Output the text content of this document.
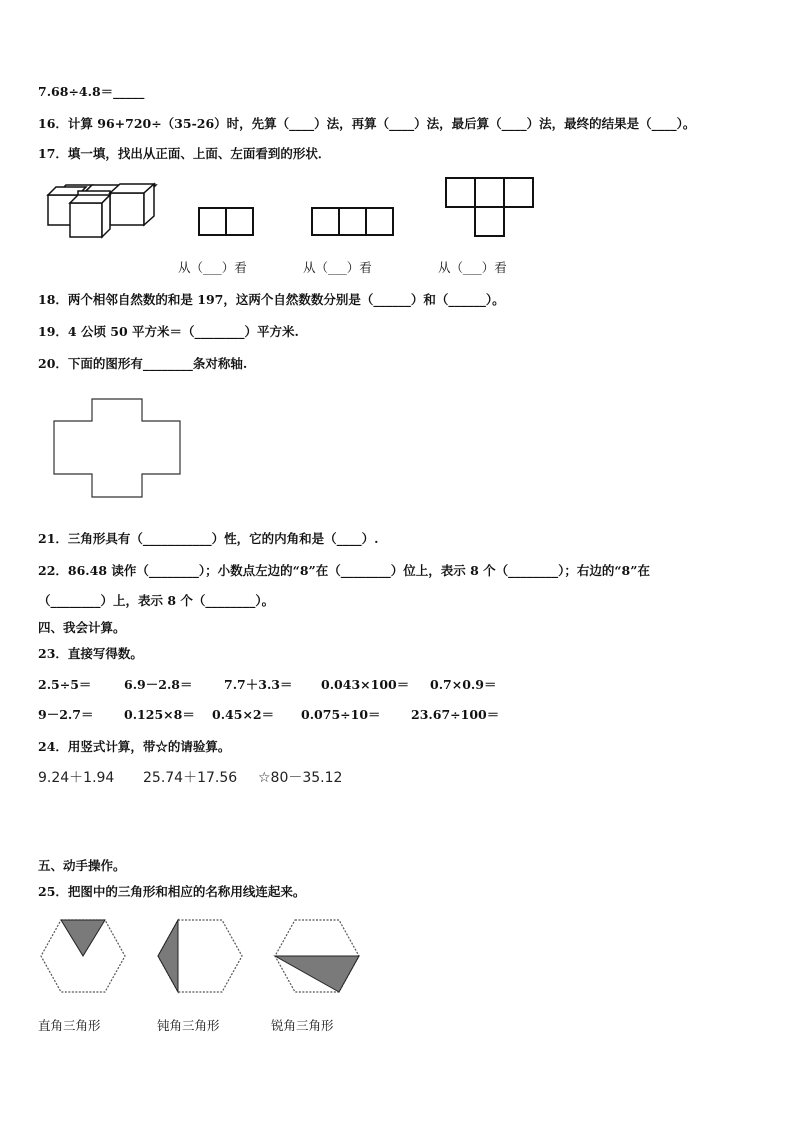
7.68÷4.8＝_____
16．计算 96+720÷（35-26）时，先算（____）法，再算（____）法，最后算（____）法，最终的结果是（____）。
17．填一填，找出从正面、上面、左面看到的形状．
从（___）看	从（___）看	从（___）看
18．两个相邻自然数的和是 197，这两个自然数数分别是（______）和（______）。
19．4 公顷 50 平方米＝（________）平方米.
20．下面的图形有________条对称轴.
21．三角形具有（___________）性，它的内角和是（____）.
22．86.48 读作（________）；小数点左边的“8”在（________）位上，表示 8 个（________）；右边的“8”在
（________）上，表示 8 个（________）。
四、我会计算。
23．直接写得数。
2.5÷5＝	6.9－2.8＝	7.7＋3.3＝ 0.043×100＝ 0.7×0.9＝
9－2.7＝ 0.125×8＝ 0.45×2＝ 0.075÷10＝ 23.67÷100＝
24．用竖式计算，带☆的请验算。
9.24＋1.94 25.74＋17.56 ☆80－35.12
五、动手操作。
25．把图中的三角形和相应的名称用线连起来。
直角三角形	钝角三角形	锐角三角形
